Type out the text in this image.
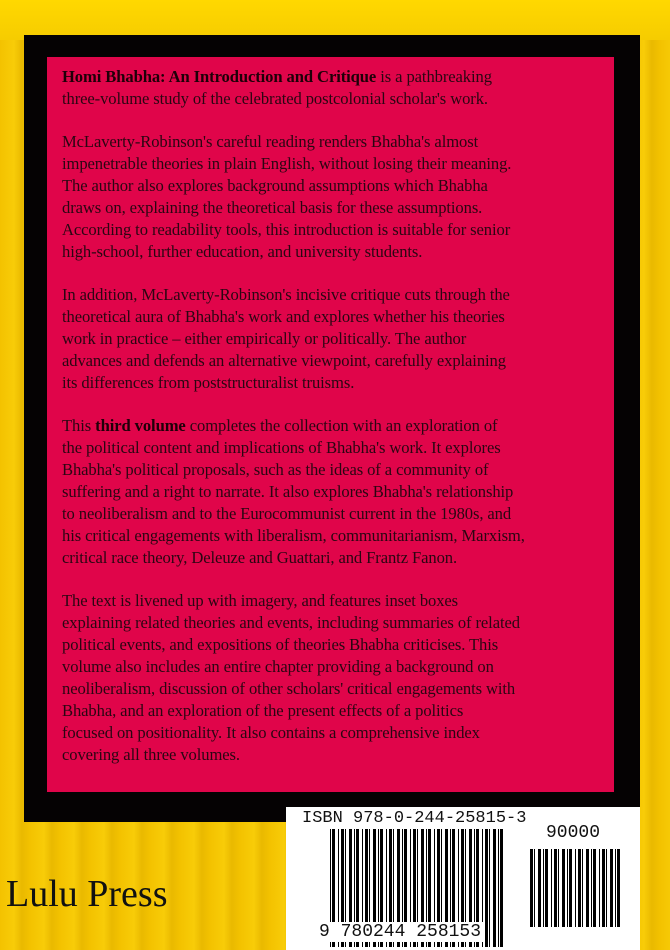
Homi Bhabha: An Introduction and Critique is a pathbreaking
three-volume study of the celebrated postcolonial scholar's work.
McLaverty-Robinson's careful reading renders Bhabha's almost
impenetrable theories in plain English, without losing their meaning.
The author also explores background assumptions which Bhabha
draws on, explaining the theoretical basis for these assumptions.
According to readability tools, this introduction is suitable for senior
high-school, further education, and university students.
In addition, McLaverty-Robinson's incisive critique cuts through the
theoretical aura of Bhabha's work and explores whether his theories
work in practice – either empirically or politically. The author
advances and defends an alternative viewpoint, carefully explaining
its differences from poststructuralist truisms.
This third volume completes the collection with an exploration of
the political content and implications of Bhabha's work. It explores
Bhabha's political proposals, such as the ideas of a community of
suffering and a right to narrate. It also explores Bhabha's relationship
to neoliberalism and to the Eurocommunist current in the 1980s, and
his critical engagements with liberalism, communitarianism, Marxism,
critical race theory, Deleuze and Guattari, and Frantz Fanon.
The text is livened up with imagery, and features inset boxes
explaining related theories and events, including summaries of related
political events, and expositions of theories Bhabha criticises. This
volume also includes an entire chapter providing a background on
neoliberalism, discussion of other scholars' critical engagements with
Bhabha, and an exploration of the present effects of a politics
focused on positionality. It also contains a comprehensive index
covering all three volumes.
Lulu Press
ISBN 978-0-244-25815-3
90000
9 780244 258153
